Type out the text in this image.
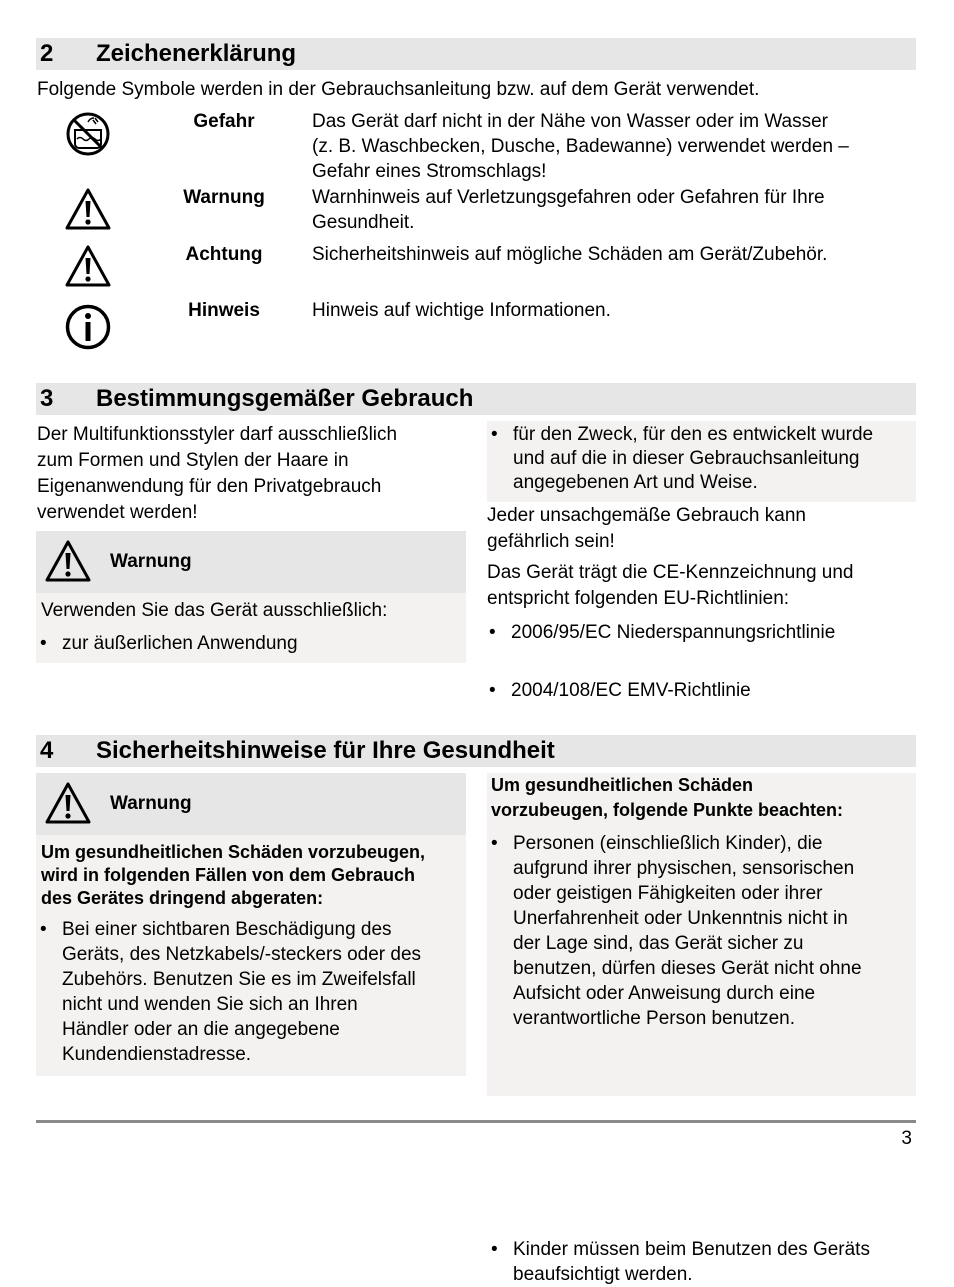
2 Zeichenerklärung
Folgende Symbole werden in der Gebrauchsanleitung bzw. auf dem Gerät verwendet.
Gefahr	Das Gerät darf nicht in der Nähe von Wasser oder im Wasser
(z. B. Waschbecken, Dusche, Badewanne) verwendet werden –
Gefahr eines Stromschlags!
Warnung	Warnhinweis auf Verletzungsgefahren oder Gefahren für Ihre
Gesundheit.
Achtung	Sicherheitshinweis auf mögliche Schäden am Gerät/Zubehör.
Hinweis	Hinweis auf wichtige Informationen.
3 Bestimmungsgemäßer Gebrauch
Der Multifunktionsstyler darf ausschließlich
zum Formen und Stylen der Haare in
Eigenanwendung für den Privatgebrauch
verwendet werden!
Warnung
Verwenden Sie das Gerät ausschließlich:
• zur äußerlichen Anwendung
• für den Zweck, für den es entwickelt wurde
und auf die in dieser Gebrauchsanleitung
angegebenen Art und Weise.
Jeder unsachgemäße Gebrauch kann
gefährlich sein!
Das Gerät trägt die CE-Kennzeichnung und
entspricht folgenden EU-Richtlinien:
• 2006/95/EC Niederspannungsrichtlinie
• 2004/108/EC EMV-Richtlinie
4 Sicherheitshinweise für Ihre Gesundheit
Warnung
Um gesundheitlichen Schäden vorzubeugen,
wird in folgenden Fällen von dem Gebrauch
des Gerätes dringend abgeraten:
• Bei einer sichtbaren Beschädigung des
Geräts, des Netzkabels/-steckers oder des
Zubehörs. Benutzen Sie es im Zweifelsfall
nicht und wenden Sie sich an Ihren
Händler oder an die angegebene
Kundendienstadresse.
Um gesundheitlichen Schäden
vorzubeugen, folgende Punkte beachten:
• Personen (einschließlich Kinder), die
aufgrund ihrer physischen, sensorischen
oder geistigen Fähigkeiten oder ihrer
Unerfahrenheit oder Unkenntnis nicht in
der Lage sind, das Gerät sicher zu
benutzen, dürfen dieses Gerät nicht ohne
Aufsicht oder Anweisung durch eine
verantwortliche Person benutzen.
• Kinder müssen beim Benutzen des Geräts
beaufsichtigt werden.
3
